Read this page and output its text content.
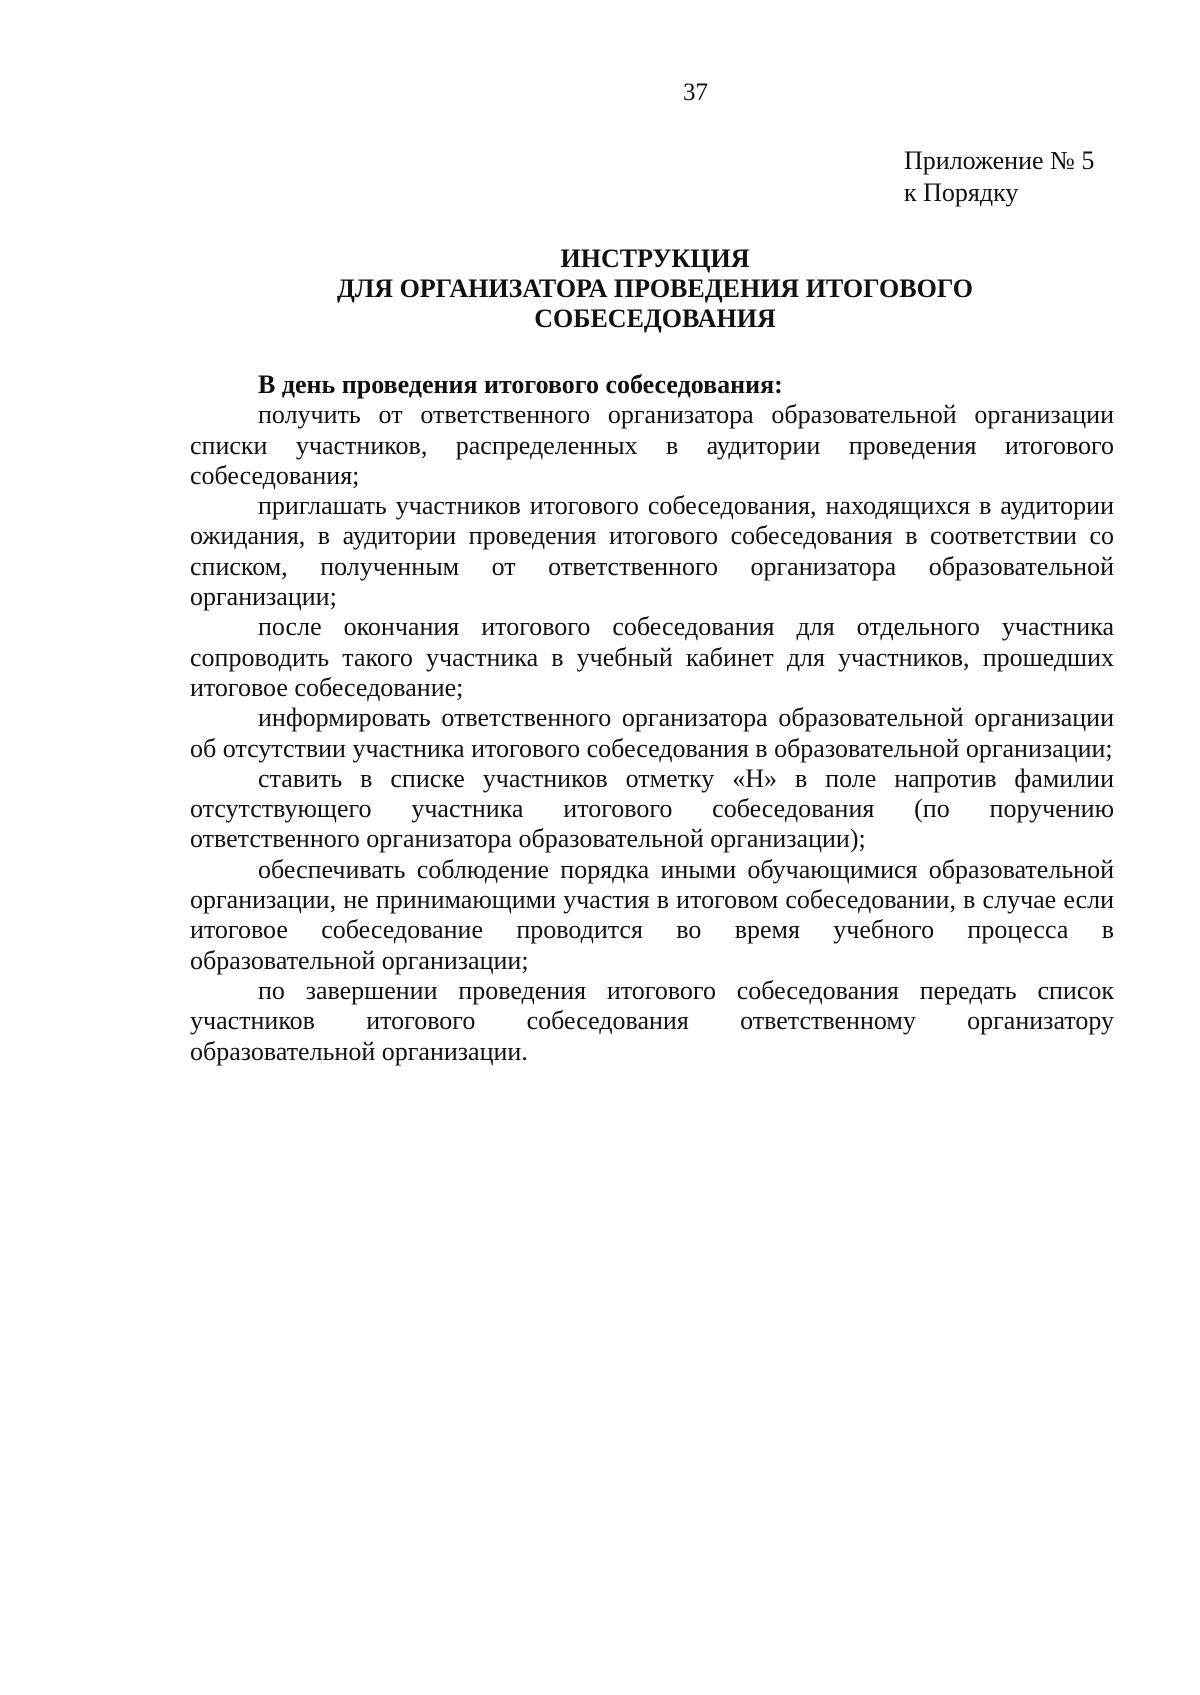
37
Приложение № 5
к Порядку
ИНСТРУКЦИЯ
ДЛЯ ОРГАНИЗАТОРА ПРОВЕДЕНИЯ ИТОГОВОГО
СОБЕСЕДОВАНИЯ

В день проведения итогового собеседования:

получить от ответственного организатора образовательной организации списки участников, распределенных в аудитории проведения итогового собеседования;

приглашать участников итогового собеседования, находящихся в аудитории ожидания, в аудитории проведения итогового собеседования в соответствии со списком, полученным от ответственного организатора образовательной организации;

после окончания итогового собеседования для отдельного участника сопроводить такого участника в учебный кабинет для участников, прошедших итоговое собеседование;

информировать ответственного организатора образовательной организации об отсутствии участника итогового собеседования в образовательной организации;

ставить в списке участников отметку «Н» в поле напротив фамилии отсутствующего участника итогового собеседования (по поручению ответственного организатора образовательной организации);

обеспечивать соблюдение порядка иными обучающимися образовательной организации, не принимающими участия в итоговом собеседовании, в случае если итоговое собеседование проводится во время учебного процесса в образовательной организации;

по завершении проведения итогового собеседования передать список участников итогового собеседования ответственному организатору образовательной организации.
